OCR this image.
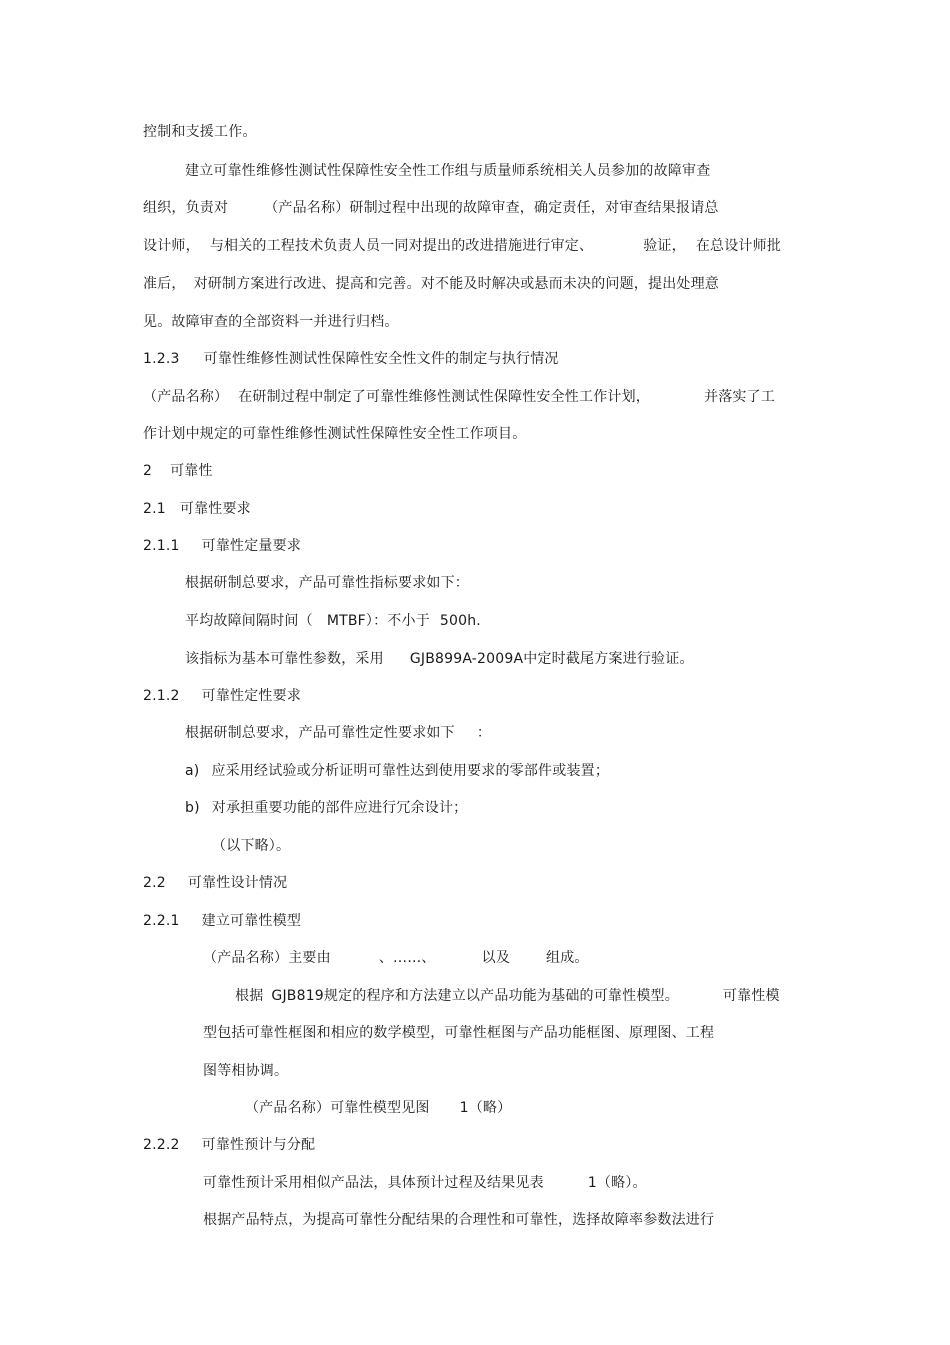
控制和支援工作。
建立可靠性维修性测试性保障性安全性工作组与质量师系统相关人员参加的故障审查
组织，负责对	（产品名称）研制过程中出现的故障审查，确定责任，对审查结果报请总
设计师， 与相关的工程技术负责人员一同对提出的改进措施进行审定、	验证， 在总设计师批
准后， 对研制方案进行改进、提高和完善。对不能及时解决或悬而未决的问题，提出处理意
见。故障审查的全部资料一并进行归档。
1.2.3 可靠性维修性测试性保障性安全性文件的制定与执行情况
（产品名称） 在研制过程中制定了可靠性维修性测试性保障性安全性工作计划，	并落实了工
作计划中规定的可靠性维修性测试性保障性安全性工作项目。
2 可靠性
2.1 可靠性要求
2.1.1 可靠性定量要求
根据研制总要求，产品可靠性指标要求如下：
平均故障间隔时间（ MTBF）：不小于 500h.
该指标为基本可靠性参数，采用 GJB899A-2009A中定时截尾方案进行验证。
2.1.2 可靠性定性要求
根据研制总要求，产品可靠性定性要求如下 ：
a) 应采用经试验或分析证明可靠性达到使用要求的零部件或装置；
b) 对承担重要功能的部件应进行冗余设计；
（以下略）。
2.2 可靠性设计情况
2.2.1 建立可靠性模型
（产品名称）主要由	、……、	以及	组成。
根据 GJB819规定的程序和方法建立以产品功能为基础的可靠性模型。	可靠性模
型包括可靠性框图和相应的数学模型，可靠性框图与产品功能框图、原理图、工程
图等相协调。
（产品名称）可靠性模型见图 1（略）
2.2.2 可靠性预计与分配
可靠性预计采用相似产品法，具体预计过程及结果见表	1（略）。
根据产品特点，为提高可靠性分配结果的合理性和可靠性，选择故障率参数法进行
